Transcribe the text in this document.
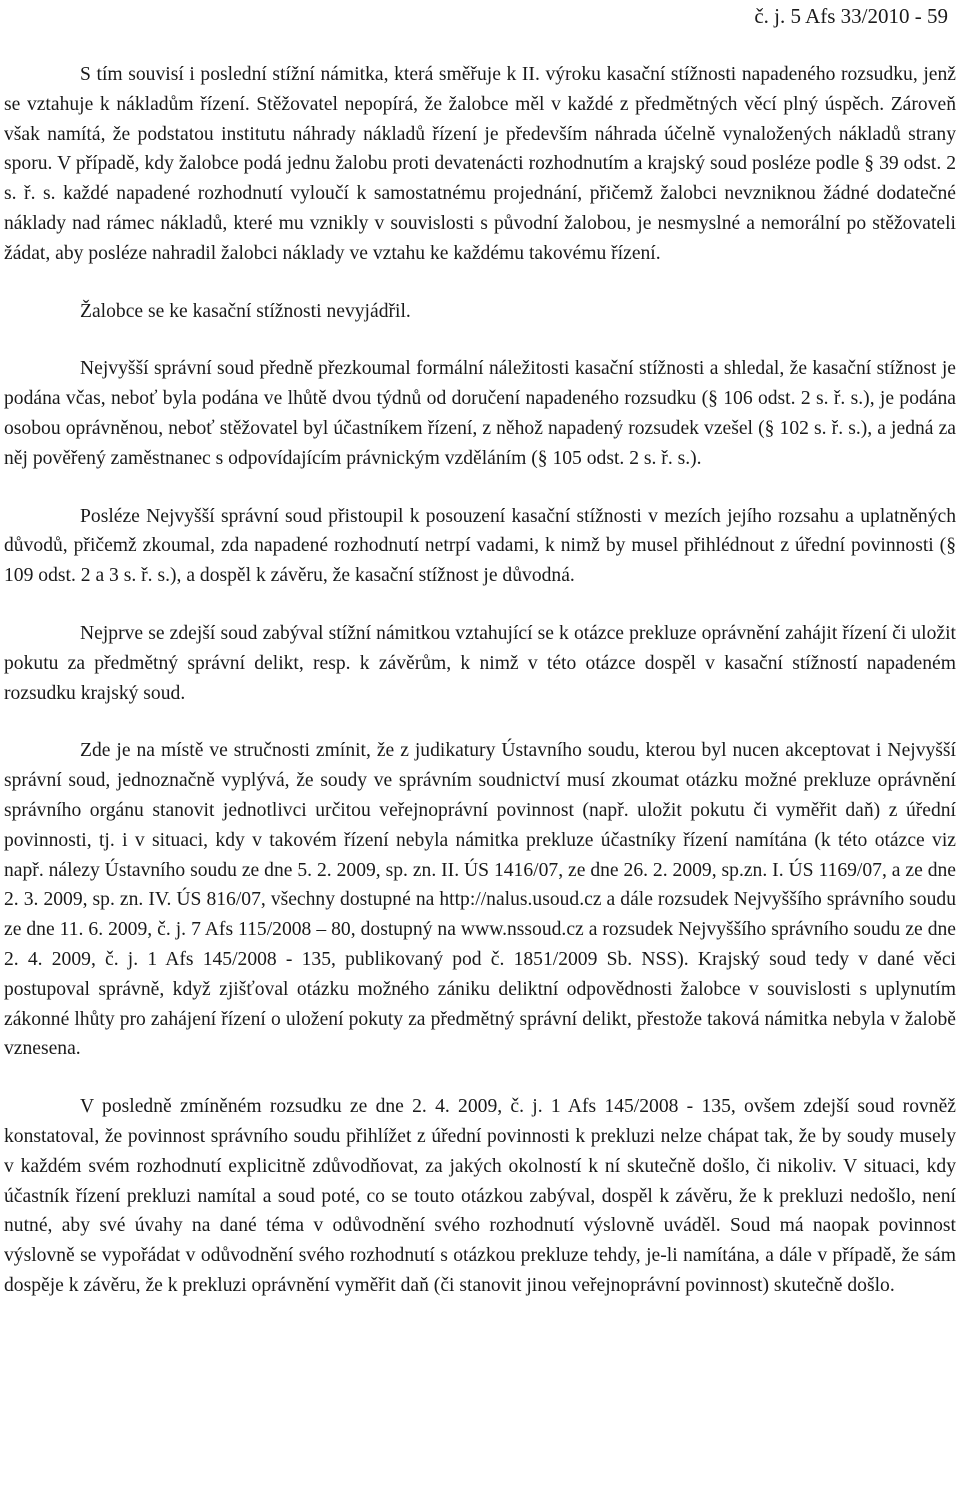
č. j. 5 Afs 33/2010 - 59

S tím souvisí i poslední stížní námitka, která směřuje k II. výroku kasační stížnosti napadeného rozsudku, jenž se vztahuje k nákladům řízení. Stěžovatel nepopírá, že žalobce měl v každé z předmětných věcí plný úspěch. Zároveň však namítá, že podstatou institutu náhrady nákladů řízení je především náhrada účelně vynaložených nákladů strany sporu. V případě, kdy žalobce podá jednu žalobu proti devatenácti rozhodnutím a krajský soud posléze podle § 39 odst. 2 s. ř. s. každé napadené rozhodnutí vyloučí k samostatnému projednání, přičemž žalobci nevzniknou žádné dodatečné náklady nad rámec nákladů, které mu vznikly v souvislosti s původní žalobou, je nesmyslné a nemorální po stěžovateli žádat, aby posléze nahradil žalobci náklady ve vztahu ke každému takovému řízení.

Žalobce se ke kasační stížnosti nevyjádřil.

Nejvyšší správní soud předně přezkoumal formální náležitosti kasační stížnosti a shledal, že kasační stížnost je podána včas, neboť byla podána ve lhůtě dvou týdnů od doručení napadeného rozsudku (§ 106 odst. 2 s. ř. s.), je podána osobou oprávněnou, neboť stěžovatel byl účastníkem řízení, z něhož napadený rozsudek vzešel (§ 102 s. ř. s.), a jedná za něj pověřený zaměstnanec s odpovídajícím právnickým vzděláním (§ 105 odst. 2 s. ř. s.).

Posléze Nejvyšší správní soud přistoupil k posouzení kasační stížnosti v mezích jejího rozsahu a uplatněných důvodů, přičemž zkoumal, zda napadené rozhodnutí netrpí vadami, k nimž by musel přihlédnout z úřední povinnosti (§ 109 odst. 2 a 3 s. ř. s.), a dospěl k závěru, že kasační stížnost je důvodná.

Nejprve se zdejší soud zabýval stížní námitkou vztahující se k otázce prekluze oprávnění zahájit řízení či uložit pokutu za předmětný správní delikt, resp. k závěrům, k nimž v této otázce dospěl v kasační stížností napadeném rozsudku krajský soud.

Zde je na místě ve stručnosti zmínit, že z judikatury Ústavního soudu, kterou byl nucen akceptovat i Nejvyšší správní soud, jednoznačně vyplývá, že soudy ve správním soudnictví musí zkoumat otázku možné prekluze oprávnění správního orgánu stanovit jednotlivci určitou veřejnoprávní povinnost (např. uložit pokutu či vyměřit daň) z úřední povinnosti, tj. i v situaci, kdy v takovém řízení nebyla námitka prekluze účastníky řízení namítána (k této otázce viz např. nálezy Ústavního soudu ze dne 5. 2. 2009, sp. zn. II. ÚS 1416/07, ze dne 26. 2. 2009, sp.zn. I. ÚS 1169/07, a ze dne 2. 3. 2009, sp. zn. IV. ÚS 816/07, všechny dostupné na http://nalus.usoud.cz a dále rozsudek Nejvyššího správního soudu ze dne 11. 6. 2009, č. j. 7 Afs 115/2008 – 80, dostupný na www.nssoud.cz a rozsudek Nejvyššího správního soudu ze dne 2. 4. 2009, č. j. 1 Afs 145/2008 - 135, publikovaný pod č. 1851/2009 Sb. NSS). Krajský soud tedy v dané věci postupoval správně, když zjišťoval otázku možného zániku deliktní odpovědnosti žalobce v souvislosti s uplynutím zákonné lhůty pro zahájení řízení o uložení pokuty za předmětný správní delikt, přestože taková námitka nebyla v žalobě vznesena.

V posledně zmíněném rozsudku ze dne 2. 4. 2009, č. j. 1 Afs 145/2008 - 135, ovšem zdejší soud rovněž konstatoval, že povinnost správního soudu přihlížet z úřední povinnosti k prekluzi nelze chápat tak, že by soudy musely v každém svém rozhodnutí explicitně zdůvodňovat, za jakých okolností k ní skutečně došlo, či nikoliv. V situaci, kdy účastník řízení prekluzi namítal a soud poté, co se touto otázkou zabýval, dospěl k závěru, že k prekluzi nedošlo, není nutné, aby své úvahy na dané téma v odůvodnění svého rozhodnutí výslovně uváděl. Soud má naopak povinnost výslovně se vypořádat v odůvodnění svého rozhodnutí s otázkou prekluze tehdy, je-li namítána, a dále v případě, že sám dospěje k závěru, že k prekluzi oprávnění vyměřit daň (či stanovit jinou veřejnoprávní povinnost) skutečně došlo.
